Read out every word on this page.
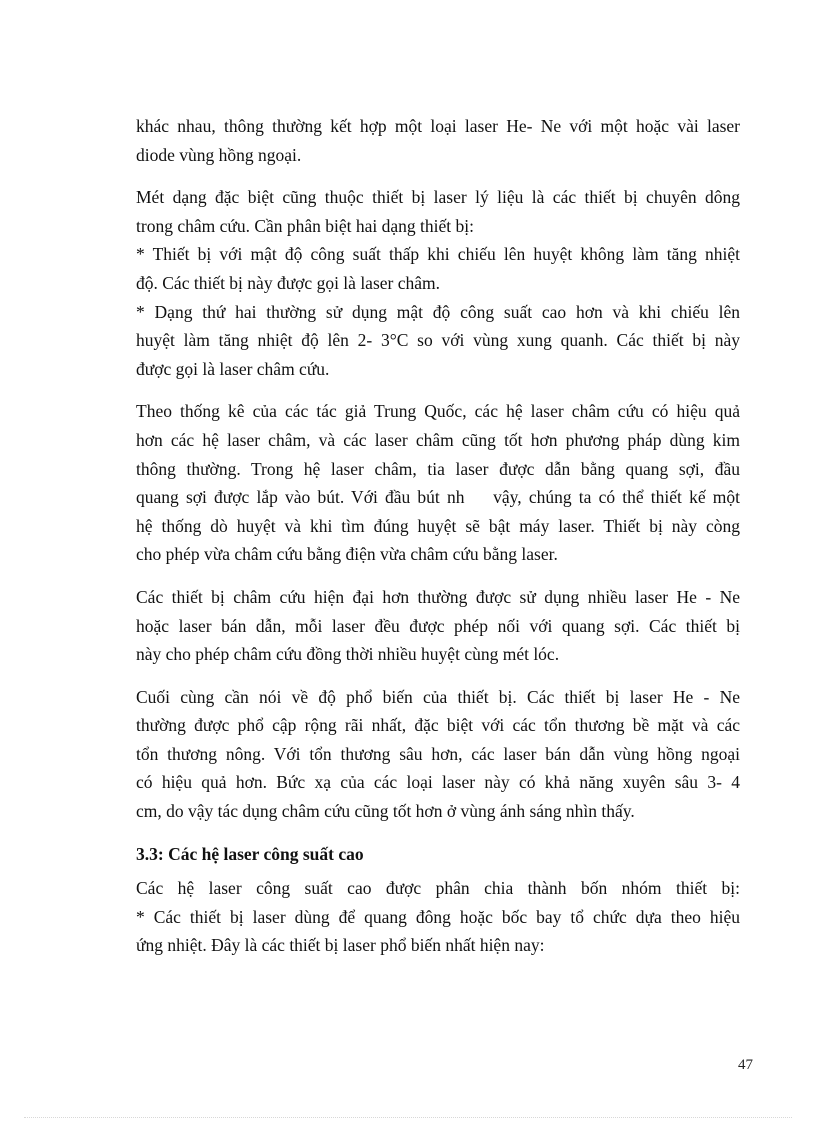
khác nhau, thông thường kết hợp một loại laser He- Ne với một hoặc vài laser
diode vùng hồng ngoại.

Mét dạng đặc biệt cũng thuộc thiết bị laser lý liệu là các thiết bị chuyên dông
trong châm cứu. Cần phân biệt hai dạng thiết bị:
* Thiết bị với mật độ công suất thấp khi chiếu lên huyệt không làm tăng nhiệt
độ. Các thiết bị này được gọi là laser châm.
* Dạng thứ hai thường sử dụng mật độ công suất cao hơn và khi chiếu lên
huyệt làm tăng nhiệt độ lên 2- 3°C so với vùng xung quanh. Các thiết bị này
được gọi là laser châm cứu.

Theo thống kê của các tác giả Trung Quốc, các hệ laser châm cứu có hiệu quả
hơn các hệ laser châm, và các laser châm cũng tốt hơn phương pháp dùng kim
thông thường. Trong hệ laser châm, tia laser được dẫn bằng quang sợi, đầu
quang sợi được lắp vào bút. Với đầu bút nh    vậy, chúng ta có thể thiết kế một
hệ thống dò huyệt và khi tìm đúng huyệt sẽ bật máy laser. Thiết bị này còng
cho phép vừa châm cứu bằng điện vừa châm cứu bằng laser.

Các thiết bị châm cứu hiện đại hơn thường được sử dụng nhiều laser He - Ne
hoặc laser bán dẫn, mỗi laser đều được phép nối với quang sợi. Các thiết bị
này cho phép châm cứu đồng thời nhiều huyệt cùng mét lóc.

Cuối cùng cần nói về độ phổ biến của thiết bị. Các thiết bị laser He - Ne
thường được phổ cập rộng rãi nhất, đặc biệt với các tổn thương bề mặt và các
tổn thương nông. Với tổn thương sâu hơn, các laser bán dẫn vùng hồng ngoại
có hiệu quả hơn. Bức xạ của các loại laser này có khả năng xuyên sâu 3- 4
cm, do vậy tác dụng châm cứu cũng tốt hơn ở vùng ánh sáng nhìn thấy.

3.3: Các hệ laser công suất cao

Các hệ laser công suất cao được phân chia thành bốn nhóm thiết bị:
* Các thiết bị laser dùng để quang đông hoặc bốc bay tổ chức dựa theo hiệu
ứng nhiệt. Đây là các thiết bị laser phổ biến nhất hiện nay:

47
